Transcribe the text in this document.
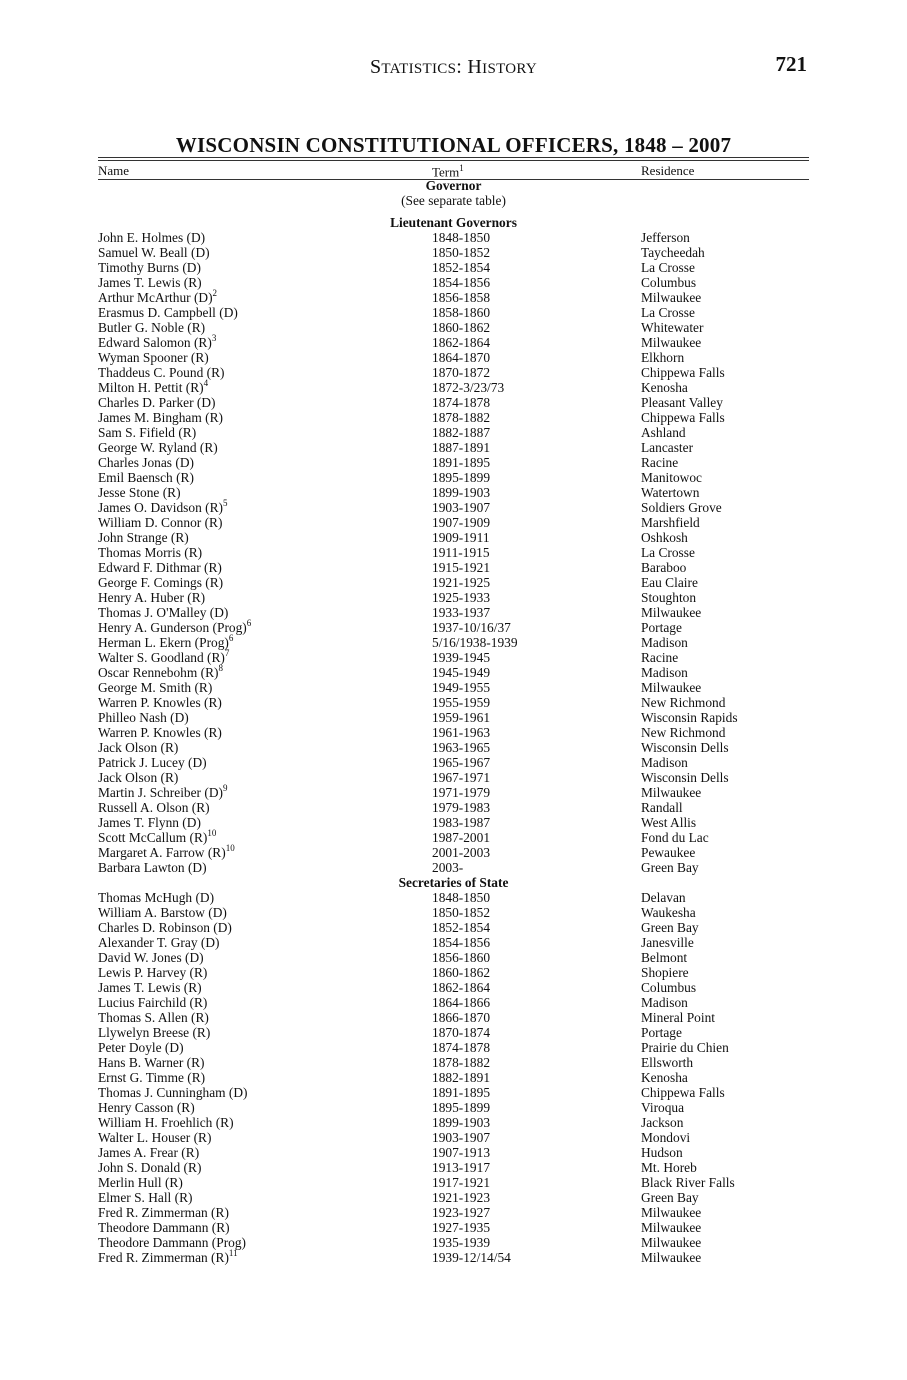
STATISTICS: HISTORY	721
WISCONSIN CONSTITUTIONAL OFFICERS, 1848 – 2007
Name	Term$^1$	Residence
Governor
(See separate table)
Lieutenant Governors
John E. Holmes (D)	1848-1850	Jefferson
Samuel W. Beall (D)	1850-1852	Taycheedah
Timothy Burns (D)	1852-1854	La Crosse
James T. Lewis (R)	1854-1856	Columbus
Arthur McArthur $(D)^2$	1856-1858	Milwaukee
Erasmus D. Campbell (D)	1858-1860	La Crosse
Butler G. Noble (R)	1860-1862	Whitewater
Edward Salomon $(R)^3$	1862-1864	Milwaukee
Wyman Spooner (R)	1864-1870	Elkhorn
Thaddeus C. Pound (R)	1870-1872	Chippewa Falls
Milton H. Pettit $(R)^4$	1872-3/23/73	Kenosha
Charles D. Parker (D)	1874-1878	Pleasant Valley
James M. Bingham (R)	1878-1882	Chippewa Falls
Sam S. Fifield (R)	1882-1887	Ashland
George W. Ryland (R)	1887-1891	Lancaster
Charles Jonas (D)	1891-1895	Racine
Emil Baensch (R)	1895-1899	Manitowoc
Jesse Stone (R)	1899-1903	Watertown
James O. Davidson $(R)^5$	1903-1907	Soldiers Grove
William D. Connor (R)	1907-1909	Marshfield
John Strange (R)	1909-1911	Oshkosh
Thomas Morris (R)	1911-1915	La Crosse
Edward F. Dithmar (R)	1915-1921	Baraboo
George F. Comings (R)	1921-1925	Eau Claire
Henry A. Huber (R)	1925-1933	Stoughton
Thomas J. O'Malley (D)	1933-1937	Milwaukee
Henry A. Gunderson (Prog)$^6$	1937-10/16/37	Portage
Herman L. Ekern (Prog)$^6$	5/16/1938-1939	Madison
Walter S. Goodland $(R)^7$	1939-1945	Racine
Oscar Rennebohm $(R)^8$	1945-1949	Madison
George M. Smith (R)	1949-1955	Milwaukee
Warren P. Knowles (R)	1955-1959	New Richmond
Philleo Nash (D)	1959-1961	Wisconsin Rapids
Warren P. Knowles (R)	1961-1963	New Richmond
Jack Olson (R)	1963-1965	Wisconsin Dells
Patrick J. Lucey (D)	1965-1967	Madison
Jack Olson (R)	1967-1971	Wisconsin Dells
Martin J. Schreiber $(D)^9$	1971-1979	Milwaukee
Russell A. Olson (R)	1979-1983	Randall
James T. Flynn (D)	1983-1987	West Allis
Scott McCallum $(R)^{10}$	1987-2001	Fond du Lac
Margaret A. Farrow $(R)^{10}$	2001-2003	Pewaukee
Barbara Lawton (D)	2003-	Green Bay
Secretaries of State
Thomas McHugh (D)	1848-1850	Delavan
William A. Barstow (D)	1850-1852	Waukesha
Charles D. Robinson (D)	1852-1854	Green Bay
Alexander T. Gray (D)	1854-1856	Janesville
David W. Jones (D)	1856-1860	Belmont
Lewis P. Harvey (R)	1860-1862	Shopiere
James T. Lewis (R)	1862-1864	Columbus
Lucius Fairchild (R)	1864-1866	Madison
Thomas S. Allen (R)	1866-1870	Mineral Point
Llywelyn Breese (R)	1870-1874	Portage
Peter Doyle (D)	1874-1878	Prairie du Chien
Hans B. Warner (R)	1878-1882	Ellsworth
Ernst G. Timme (R)	1882-1891	Kenosha
Thomas J. Cunningham (D)	1891-1895	Chippewa Falls
Henry Casson (R)	1895-1899	Viroqua
William H. Froehlich (R)	1899-1903	Jackson
Walter L. Houser (R)	1903-1907	Mondovi
James A. Frear (R)	1907-1913	Hudson
John S. Donald (R)	1913-1917	Mt. Horeb
Merlin Hull (R)	1917-1921	Black River Falls
Elmer S. Hall (R)	1921-1923	Green Bay
Fred R. Zimmerman (R)	1923-1927	Milwaukee
Theodore Dammann (R)	1927-1935	Milwaukee
Theodore Dammann (Prog)	1935-1939	Milwaukee
Fred R. Zimmerman $(R)^{11}$	1939-12/14/54	Milwaukee
